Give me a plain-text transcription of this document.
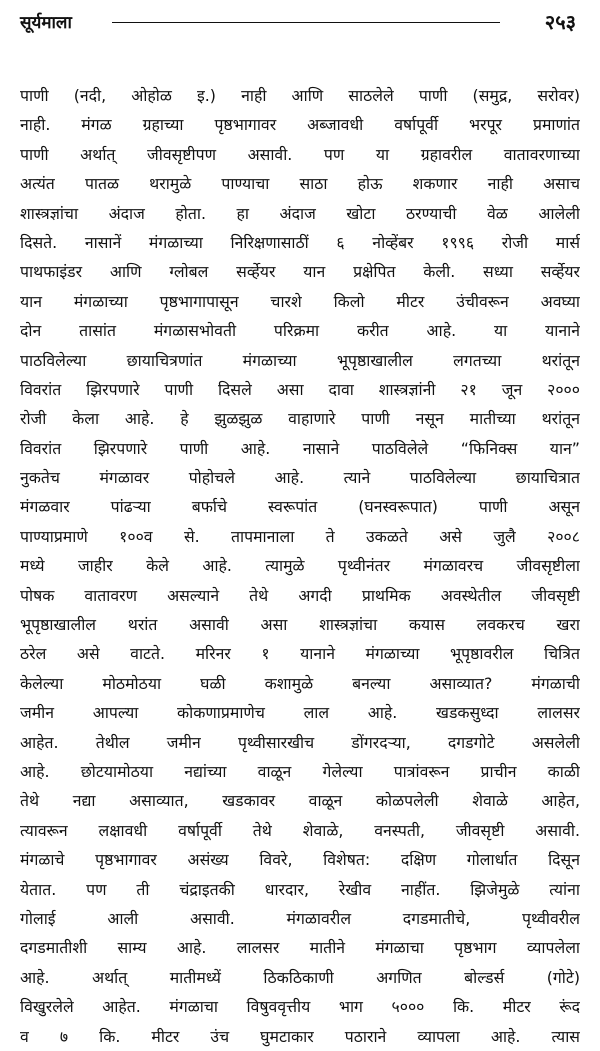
सूर्यमाला	२५३
पाणी (नदी, ओहोळ इ.) नाही आणि साठलेले पाणी (समुद्र, सरोवर)
नाही. मंगळ ग्रहाच्या पृष्ठभागावर अब्जावधी वर्षापूर्वी भरपूर प्रमाणांत
पाणी अर्थात् जीवसृष्टीपण असावी. पण या ग्रहावरील वातावरणाच्या
अत्यंत पातळ थरामुळे पाण्याचा साठा होऊ शकणार नाही असाच
शास्त्रज्ञांचा अंदाज होता. हा अंदाज खोटा ठरण्याची वेळ आलेली
दिसते. नासानें मंगळाच्या निरिक्षणासाठीं ६ नोव्हेंबर १९९६ रोजी मार्स
पाथफाइंडर आणि ग्लोबल सर्व्हेयर यान प्रक्षेपित केली. सध्या सर्व्हेयर
यान मंगळाच्या पृष्ठभागापासून चारशे किलो मीटर उंचीवरून अवघ्या
दोन तासांत मंगळासभोवती परिक्रमा करीत आहे. या यानाने
पाठविलेल्या छायाचित्रणांत मंगळाच्या भूपृष्ठाखालील लगतच्या थरांतून
विवरांत झिरपणारे पाणी दिसले असा दावा शास्त्रज्ञांनी २१ जून २०००
रोजी केला आहे. हे झुळझुळ वाहाणारे पाणी नसून मातीच्या थरांतून
विवरांत झिरपणारे पाणी आहे. नासाने पाठविलेले “फिनिक्स यान”
नुकतेच मंगळावर पोहोचले आहे. त्याने पाठविलेल्या छायाचित्रात
मंगळवार पांढऱ्या बर्फाचे स्वरूपांत (घनस्वरूपात) पाणी असून
पाण्याप्रमाणे १००व से. तापमानाला ते उकळते असे जुलै २००८
मध्ये जाहीर केले आहे. त्यामुळे पृथ्वीनंतर मंगळावरच जीवसृष्टीला
पोषक वातावरण असल्याने तेथे अगदी प्राथमिक अवस्थेतील जीवसृष्टी
भूपृष्ठाखालील थरांत असावी असा शास्त्रज्ञांचा कयास लवकरच खरा
ठरेल असे वाटते. मरिनर १ यानाने मंगळाच्या भूपृष्ठावरील चित्रित
केलेल्या मोठमोठया घळी कशामुळे बनल्या असाव्यात? मंगळाची
जमीन आपल्या कोकणाप्रमाणेच लाल आहे. खडकसुध्दा लालसर
आहेत. तेथील जमीन पृथ्वीसारखीच डोंगरदऱ्या, दगडगोटे असलेली
आहे. छोटयामोठया नद्यांच्या वाळून गेलेल्या पात्रांवरून प्राचीन काळी
तेथे नद्या असाव्यात, खडकावर वाळून कोळपलेली शेवाळे आहेत,
त्यावरून लक्षावधी वर्षापूर्वी तेथे शेवाळे, वनस्पती, जीवसृष्टी असावी.
मंगळाचे पृष्ठभागावर असंख्य विवरे, विशेषत: दक्षिण गोलार्धात दिसून
येतात. पण ती चंद्राइतकी धारदार, रेखीव नाहींत. झिजेमुळे त्यांना
गोलाई आली असावी. मंगळावरील दगडमातीचे, पृथ्वीवरील
दगडमातीशी साम्य आहे. लालसर मातीने मंगळाचा पृष्ठभाग व्यापलेला
आहे. अर्थात् मातीमध्यें ठिकठिकाणी अगणित बोल्डर्स (गोटे)
विखुरलेले आहेत. मंगळाचा विषुववृत्तीय भाग ५००० कि. मीटर रूंद
व ७ कि. मीटर उंच घुमटाकार पठाराने व्यापला आहे. त्यास
